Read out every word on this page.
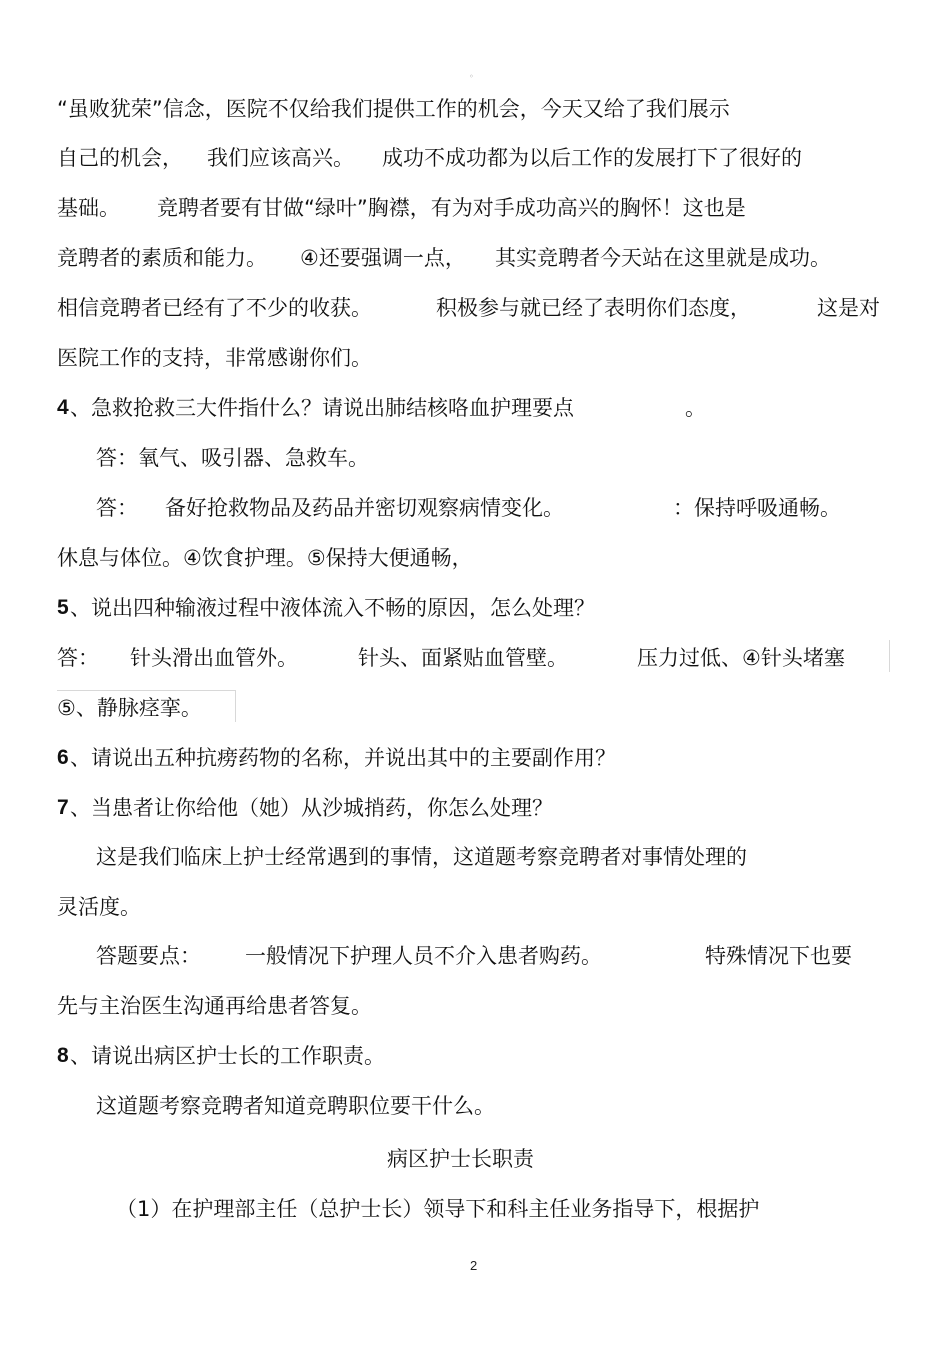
◦

“虽败犹荣”信念，医院不仅给我们提供工作的机会，今天又给了我们展示

自己的机会，

我们应该高兴。

成功不成功都为以后工作的发展打下了很好的

基础。

竞聘者要有甘做“绿叶”胸襟，有为对手成功高兴的胸怀！这也是

竞聘者的素质和能力。

④还要强调一点，

其实竞聘者今天站在这里就是成功。

相信竞聘者已经有了不少的收获。

	积极参与就已经了表明你们态度，

	这是对

医院工作的支持，非常感谢你们。

4

、急救抢救三大件指什么？请说出肺结核咯血护理要点

	。

答：氧气、吸引器、急救车。

答：

备好抢救物品及药品并密切观察病情变化。

	：保持呼吸通畅。

休息与体位。④饮食护理。⑤保持大便通畅，

5

、说出四种输液过程中液体流入不畅的原因，怎么处理？

答：

针头滑出血管外。

	针头、面紧贴血管壁。

	压力过低、④针头堵塞

⑤、静脉痉挛。

6

、请说出五种抗痨药物的名称，并说出其中的主要副作用？

7

、当患者让你给他（她）从沙城捎药，你怎么处理？

这是我们临床上护士经常遇到的事情，这道题考察竞聘者对事情处理的

灵活度。

答题要点：

一般情况下护理人员不介入患者购药。

	特殊情况下也要

先与主治医生沟通再给患者答复。

8

、请说出病区护士长的工作职责。

这道题考察竞聘者知道竞聘职位要干什么。

病区护士长职责

（1）在护理部主任（总护士长）领导下和科主任业务指导下，根据护

2
